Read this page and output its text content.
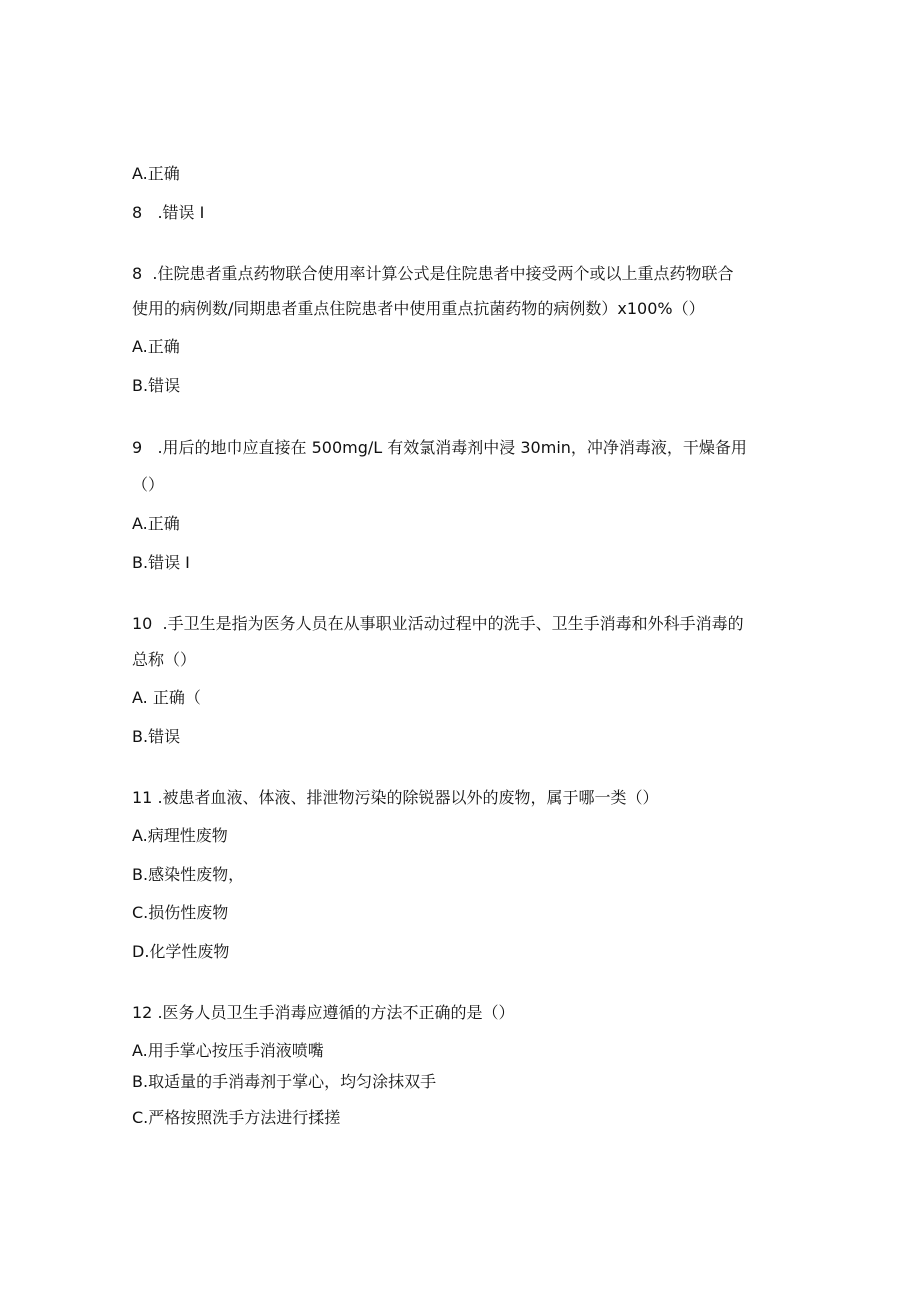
A.正确

8   .错误 I

8  .住院患者重点药物联合使用率计算公式是住院患者中接受两个或以上重点药物联合

使用的病例数/同期患者重点住院患者中使用重点抗菌药物的病例数）x100%（）

A.正确

B.错误

9   .用后的地巾应直接在 500mg∕L 有效氯消毒剂中浸 30min，冲净消毒液，干燥备用

（）

A.正确

B.错误 I

10  .手卫生是指为医务人员在从事职业活动过程中的洗手、卫生手消毒和外科手消毒的

总称（）

A. 正确（

B.错误

11 .被患者血液、体液、排泄物污染的除锐器以外的废物，属于哪一类（）

A.病理性废物

B.感染性废物，

C.损伤性废物

D.化学性废物

12 .医务人员卫生手消毒应遵循的方法不正确的是（）

A.用手掌心按压手消液喷嘴

B.取适量的手消毒剂于掌心，均匀涂抹双手

C.严格按照洗手方法进行揉搓
